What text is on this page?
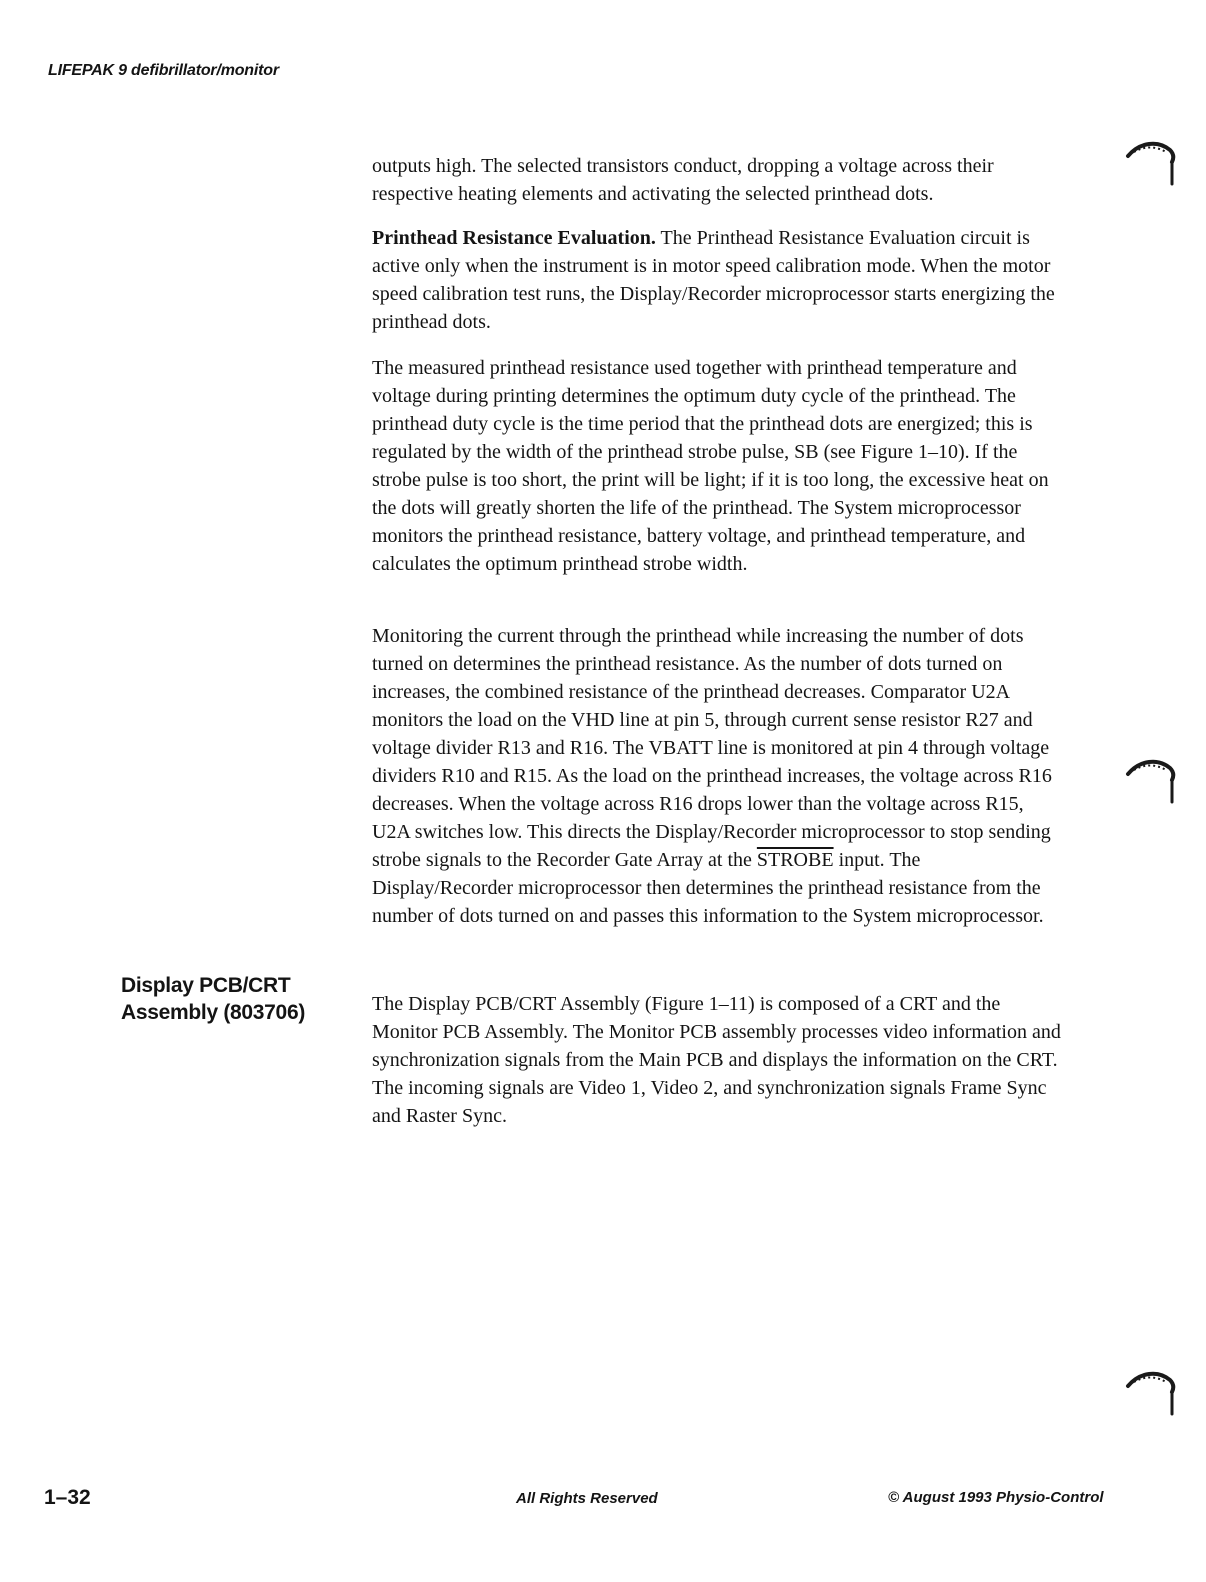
LIFEPAK 9 defibrillator/monitor

outputs high. The selected transistors conduct, dropping a voltage across their respective heating elements and activating the selected printhead dots.

Printhead Resistance Evaluation. The Printhead Resistance Evaluation circuit is active only when the instrument is in motor speed calibration mode. When the motor speed calibration test runs, the Display/Recorder microprocessor starts energizing the printhead dots.

The measured printhead resistance used together with printhead temperature and voltage during printing determines the optimum duty cycle of the printhead. The printhead duty cycle is the time period that the printhead dots are energized; this is regulated by the width of the printhead strobe pulse, SB (see Figure 1–10). If the strobe pulse is too short, the print will be light; if it is too long, the excessive heat on the dots will greatly shorten the life of the printhead. The System microprocessor monitors the printhead resistance, battery voltage, and printhead temperature, and calculates the optimum printhead strobe width.

Monitoring the current through the printhead while increasing the number of dots turned on determines the printhead resistance. As the number of dots turned on increases, the combined resistance of the printhead decreases. Comparator U2A monitors the load on the VHD line at pin 5, through current sense resistor R27 and voltage divider R13 and R16. The VBATT line is monitored at pin 4 through voltage dividers R10 and R15. As the load on the printhead increases, the voltage across R16 decreases. When the voltage across R16 drops lower than the voltage across R15, U2A switches low. This directs the Display/Recorder microprocessor to stop sending strobe signals to the Recorder Gate Array at the STROBE input. The Display/Recorder microprocessor then determines the printhead resistance from the number of dots turned on and passes this information to the System microprocessor.

Display PCB/CRT
Assembly (803706)	The Display PCB/CRT Assembly (Figure 1–11) is composed of a CRT and the Monitor PCB Assembly. The Monitor PCB assembly processes video information and synchronization signals from the Main PCB and displays the information on the CRT. The incoming signals are Video 1, Video 2, and synchronization signals Frame Sync and Raster Sync.

1–32	All Rights Reserved	© August 1993 Physio-Control
